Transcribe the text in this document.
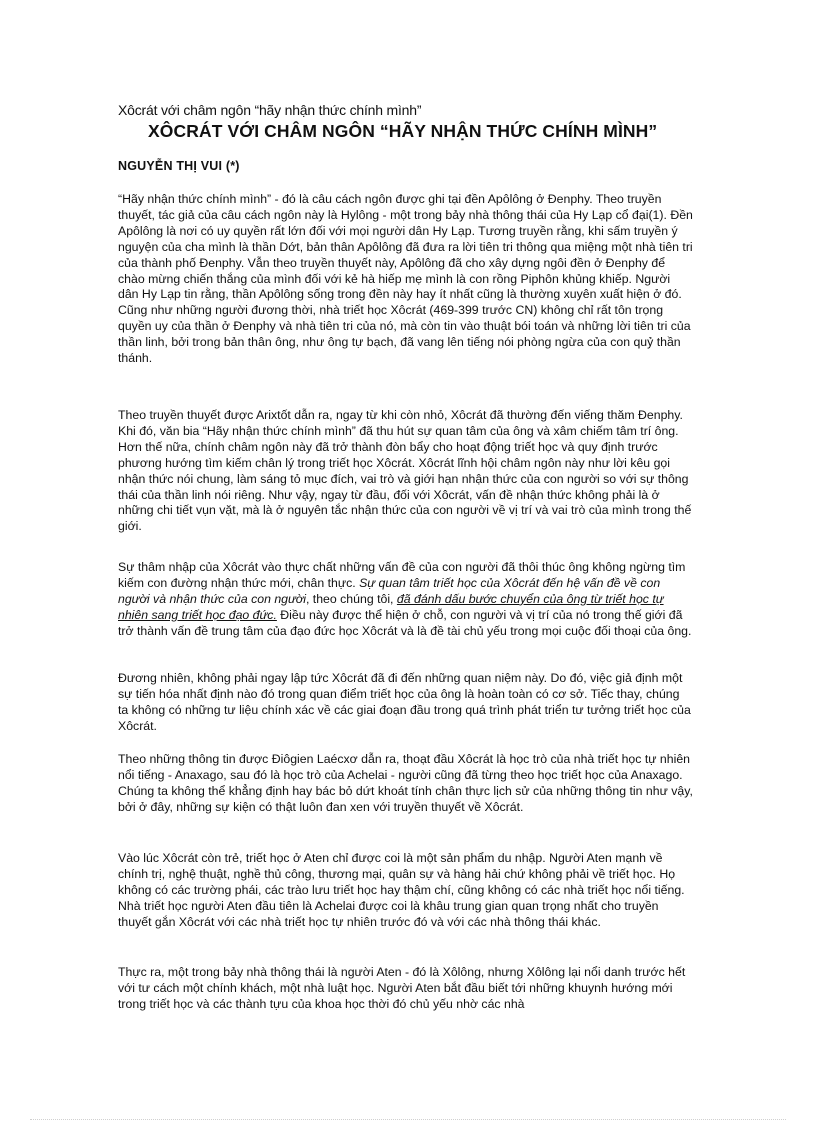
Xôcrát với châm ngôn “hãy nhận thức chính mình”
XÔCRÁT VỚI CHÂM NGÔN “HÃY NHẬN THỨC CHÍNH MÌNH”
NGUYỄN THỊ VUI (*)

“Hãy nhận thức chính mình” - đó là câu cách ngôn được ghi tại đền Apôlông ở Đenphy. Theo truyền thuyết, tác giả của câu cách ngôn này là Hylông - một trong bảy nhà thông thái của Hy Lạp cổ đại(1). Đền Apôlông là nơi có uy quyền rất lớn đối với mọi người dân Hy Lạp. Tương truyền rằng, khi sấm truyền ý nguyện của cha mình là thần Dớt, bản thân Apôlông đã đưa ra lời tiên tri thông qua miệng một nhà tiên tri của thành phố Đenphy. Vẫn theo truyền thuyết này, Apôlông đã cho xây dựng ngôi đền ở Đenphy để chào mừng chiến thắng của mình đối với kẻ hà hiếp mẹ mình là con rồng Piphôn khủng khiếp. Người dân Hy Lạp tin rằng, thần Apôlông sống trong đền này hay ít nhất cũng là thường xuyên xuất hiện ở đó. Cũng như những người đương thời, nhà triết học Xôcrát (469-399 trước CN) không chỉ rất tôn trọng quyền uy của thần ở Đenphy và nhà tiên tri của nó, mà còn tin vào thuật bói toán và những lời tiên tri của thần linh, bởi trong bản thân ông, như ông tự bạch, đã vang lên tiếng nói phòng ngừa của con quỷ thần thánh.

Theo truyền thuyết được Arixtốt dẫn ra, ngay từ khi còn nhỏ, Xôcrát đã thường đến viếng thăm Đenphy. Khi đó, văn bia “Hãy nhận thức chính mình” đã thu hút sự quan tâm của ông và xâm chiếm tâm trí ông. Hơn thế nữa, chính châm ngôn này đã trở thành đòn bẩy cho hoạt động triết học và quy định trước phương hướng tìm kiếm chân lý trong triết học Xôcrát. Xôcrát lĩnh hội châm ngôn này như lời kêu gọi nhận thức nói chung, làm sáng tỏ mục đích, vai trò và giới hạn nhận thức của con người so với sự thông thái của thần linh nói riêng. Như vậy, ngay từ đầu, đối với Xôcrát, vấn đề nhận thức không phải là ở những chi tiết vụn vặt, mà là ở nguyên tắc nhận thức của con người về vị trí và vai trò của mình trong thế giới.

Sự thâm nhập của Xôcrát vào thực chất những vấn đề của con người đã thôi thúc ông không ngừng tìm kiếm con đường nhận thức mới, chân thực. Sự quan tâm triết học của Xôcrát đến hệ vấn đề về con người và nhận thức của con người, theo chúng tôi, đã đánh dấu bước chuyển của ông từ triết học tự nhiên sang triết học đạo đức. Điều này được thể hiện ở chỗ, con người và vị trí của nó trong thế giới đã trở thành vấn đề trung tâm của đạo đức học Xôcrát và là đề tài chủ yếu trong mọi cuộc đối thoại của ông.

Đương nhiên, không phải ngay lập tức Xôcrát đã đi đến những quan niệm này. Do đó, việc giả định một sự tiến hóa nhất định nào đó trong quan điểm triết học của ông là hoàn toàn có cơ sở. Tiếc thay, chúng ta không có những tư liệu chính xác về các giai đoạn đầu trong quá trình phát triển tư tưởng triết học của Xôcrát.

Theo những thông tin được Điôgien Laécxơ dẫn ra, thoạt đầu Xôcrát là học trò của nhà triết học tự nhiên nổi tiếng - Anaxago, sau đó là học trò của Achelai - người cũng đã từng theo học triết học của Anaxago. Chúng ta không thể khẳng định hay bác bỏ dứt khoát tính chân thực lịch sử của những thông tin như vậy, bởi ở đây, những sự kiện có thật luôn đan xen với truyền thuyết về Xôcrát.

Vào lúc Xôcrát còn trẻ, triết học ở Aten chỉ được coi là một sản phẩm du nhập. Người Aten mạnh về chính trị, nghệ thuật, nghề thủ công, thương mại, quân sự và hàng hải chứ không phải về triết học. Họ không có các trường phái, các trào lưu triết học hay thậm chí, cũng không có các nhà triết học nổi tiếng. Nhà triết học người Aten đầu tiên là Achelai được coi là khâu trung gian quan trọng nhất cho truyền thuyết gắn Xôcrát với các nhà triết học tự nhiên trước đó và với các nhà thông thái khác.

Thực ra, một trong bảy nhà thông thái là người Aten - đó là Xôlông, nhưng Xôlông lại nổi danh trước hết với tư cách một chính khách, một nhà luật học. Người Aten bắt đầu biết tới những khuynh hướng mới trong triết học và các thành tựu của khoa học thời đó chủ yếu nhờ các nhà
